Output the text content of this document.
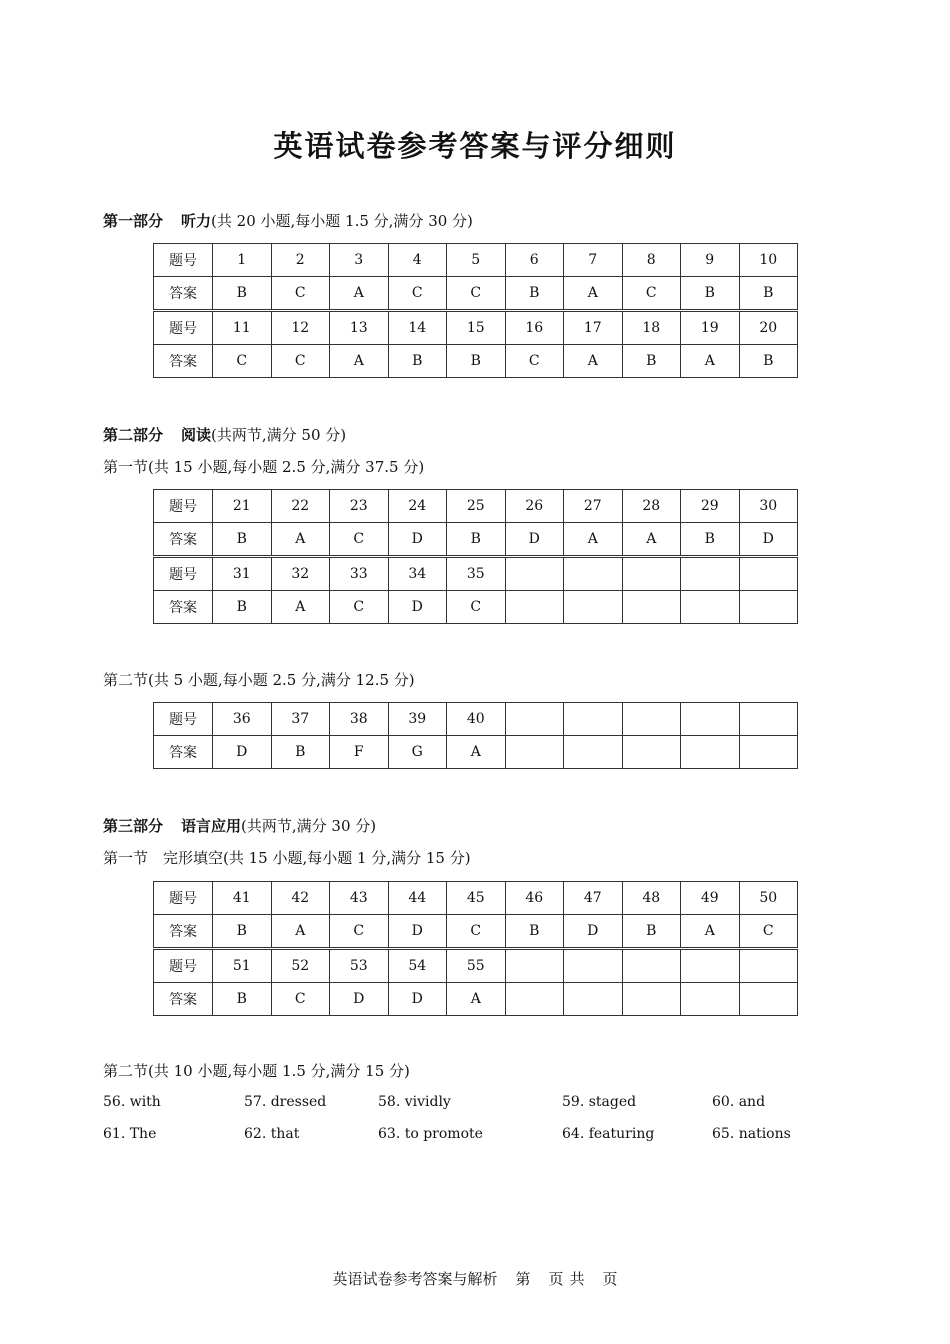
英语试卷参考答案与评分细则
第一部分 听力(共 20 小题,每小题 1.5 分,满分 30 分)
题号	1	2	3	4	5	6	7	8	9	10
答案	B	C	A	C	C	B	A	C	B	B
题号	11	12	13	14	15	16	17	18	19	20
答案	C	C	A	B	B	C	A	B	A	B
第二部分 阅读(共两节,满分 50 分)
第一节(共 15 小题,每小题 2.5 分,满分 37.5 分)
题号	21	22	23	24	25	26	27	28	29	30
答案	B	A	C	D	B	D	A	A	B	D
题号	31	32	33	34	35					
答案	B	A	C	D	C					
第二节(共 5 小题,每小题 2.5 分,满分 12.5 分)
题号	36	37	38	39	40					
答案	D	B	F	G	A					
第三部分 语言应用(共两节,满分 30 分)
第一节　完形填空(共 15 小题,每小题 1 分,满分 15 分)
题号	41	42	43	44	45	46	47	48	49	50
答案	B	A	C	D	C	B	D	B	A	C
题号	51	52	53	54	55					
答案	B	C	D	D	A					
第二节(共 10 小题,每小题 1.5 分,满分 15 分)
56. with	57. dressed	58. vividly	59. staged	60. and
61. The	62. that	63. to promote	64. featuring	65. nations
英语试卷参考答案与解析 第 页 共 页
